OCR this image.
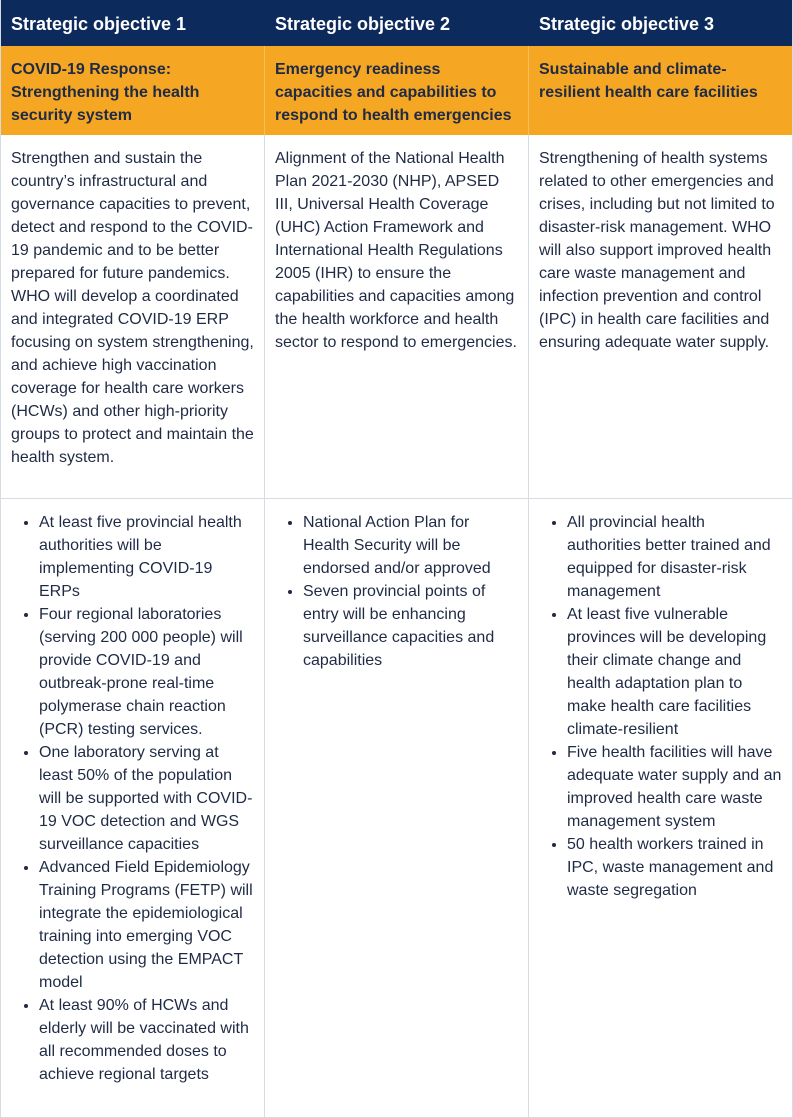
Strategic objective 1	Strategic objective 2	Strategic objective 3
COVID-19 Response: Strengthening the health security system
Emergency readiness capacities and capabilities to respond to health emergencies
Sustainable and climate-resilient health care facilities
Strengthen and sustain the country’s infrastructural and governance capacities to prevent, detect and respond to the COVID-19 pandemic and to be better prepared for future pandemics. WHO will develop a coordinated and integrated COVID-19 ERP focusing on system strengthening, and achieve high vaccination coverage for health care workers (HCWs) and other high-priority groups to protect and maintain the health system.
Alignment of the National Health Plan 2021-2030 (NHP), APSED III, Universal Health Coverage (UHC) Action Framework and International Health Regulations 2005 (IHR) to ensure the capabilities and capacities among the health workforce and health sector to respond to emergencies.
Strengthening of health systems related to other emergencies and crises, including but not limited to disaster-risk management. WHO will also support improved health care waste management and infection prevention and control (IPC) in health care facilities and ensuring adequate water supply.
• At least five provincial health authorities will be implementing COVID-19 ERPs
• Four regional laboratories (serving 200 000 people) will provide COVID-19 and outbreak-prone real-time polymerase chain reaction (PCR) testing services.
• One laboratory serving at least 50% of the population will be supported with COVID-19 VOC detection and WGS surveillance capacities
• Advanced Field Epidemiology Training Programs (FETP) will integrate the epidemiological training into emerging VOC detection using the EMPACT model
• At least 90% of HCWs and elderly will be vaccinated with all recommended doses to achieve regional targets
• National Action Plan for Health Security will be endorsed and/or approved
• Seven provincial points of entry will be enhancing surveillance capacities and capabilities
• All provincial health authorities better trained and equipped for disaster-risk management
• At least five vulnerable provinces will be developing their climate change and health adaptation plan to make health care facilities climate-resilient
• Five health facilities will have adequate water supply and an improved health care waste management system
• 50 health workers trained in IPC, waste management and waste segregation
